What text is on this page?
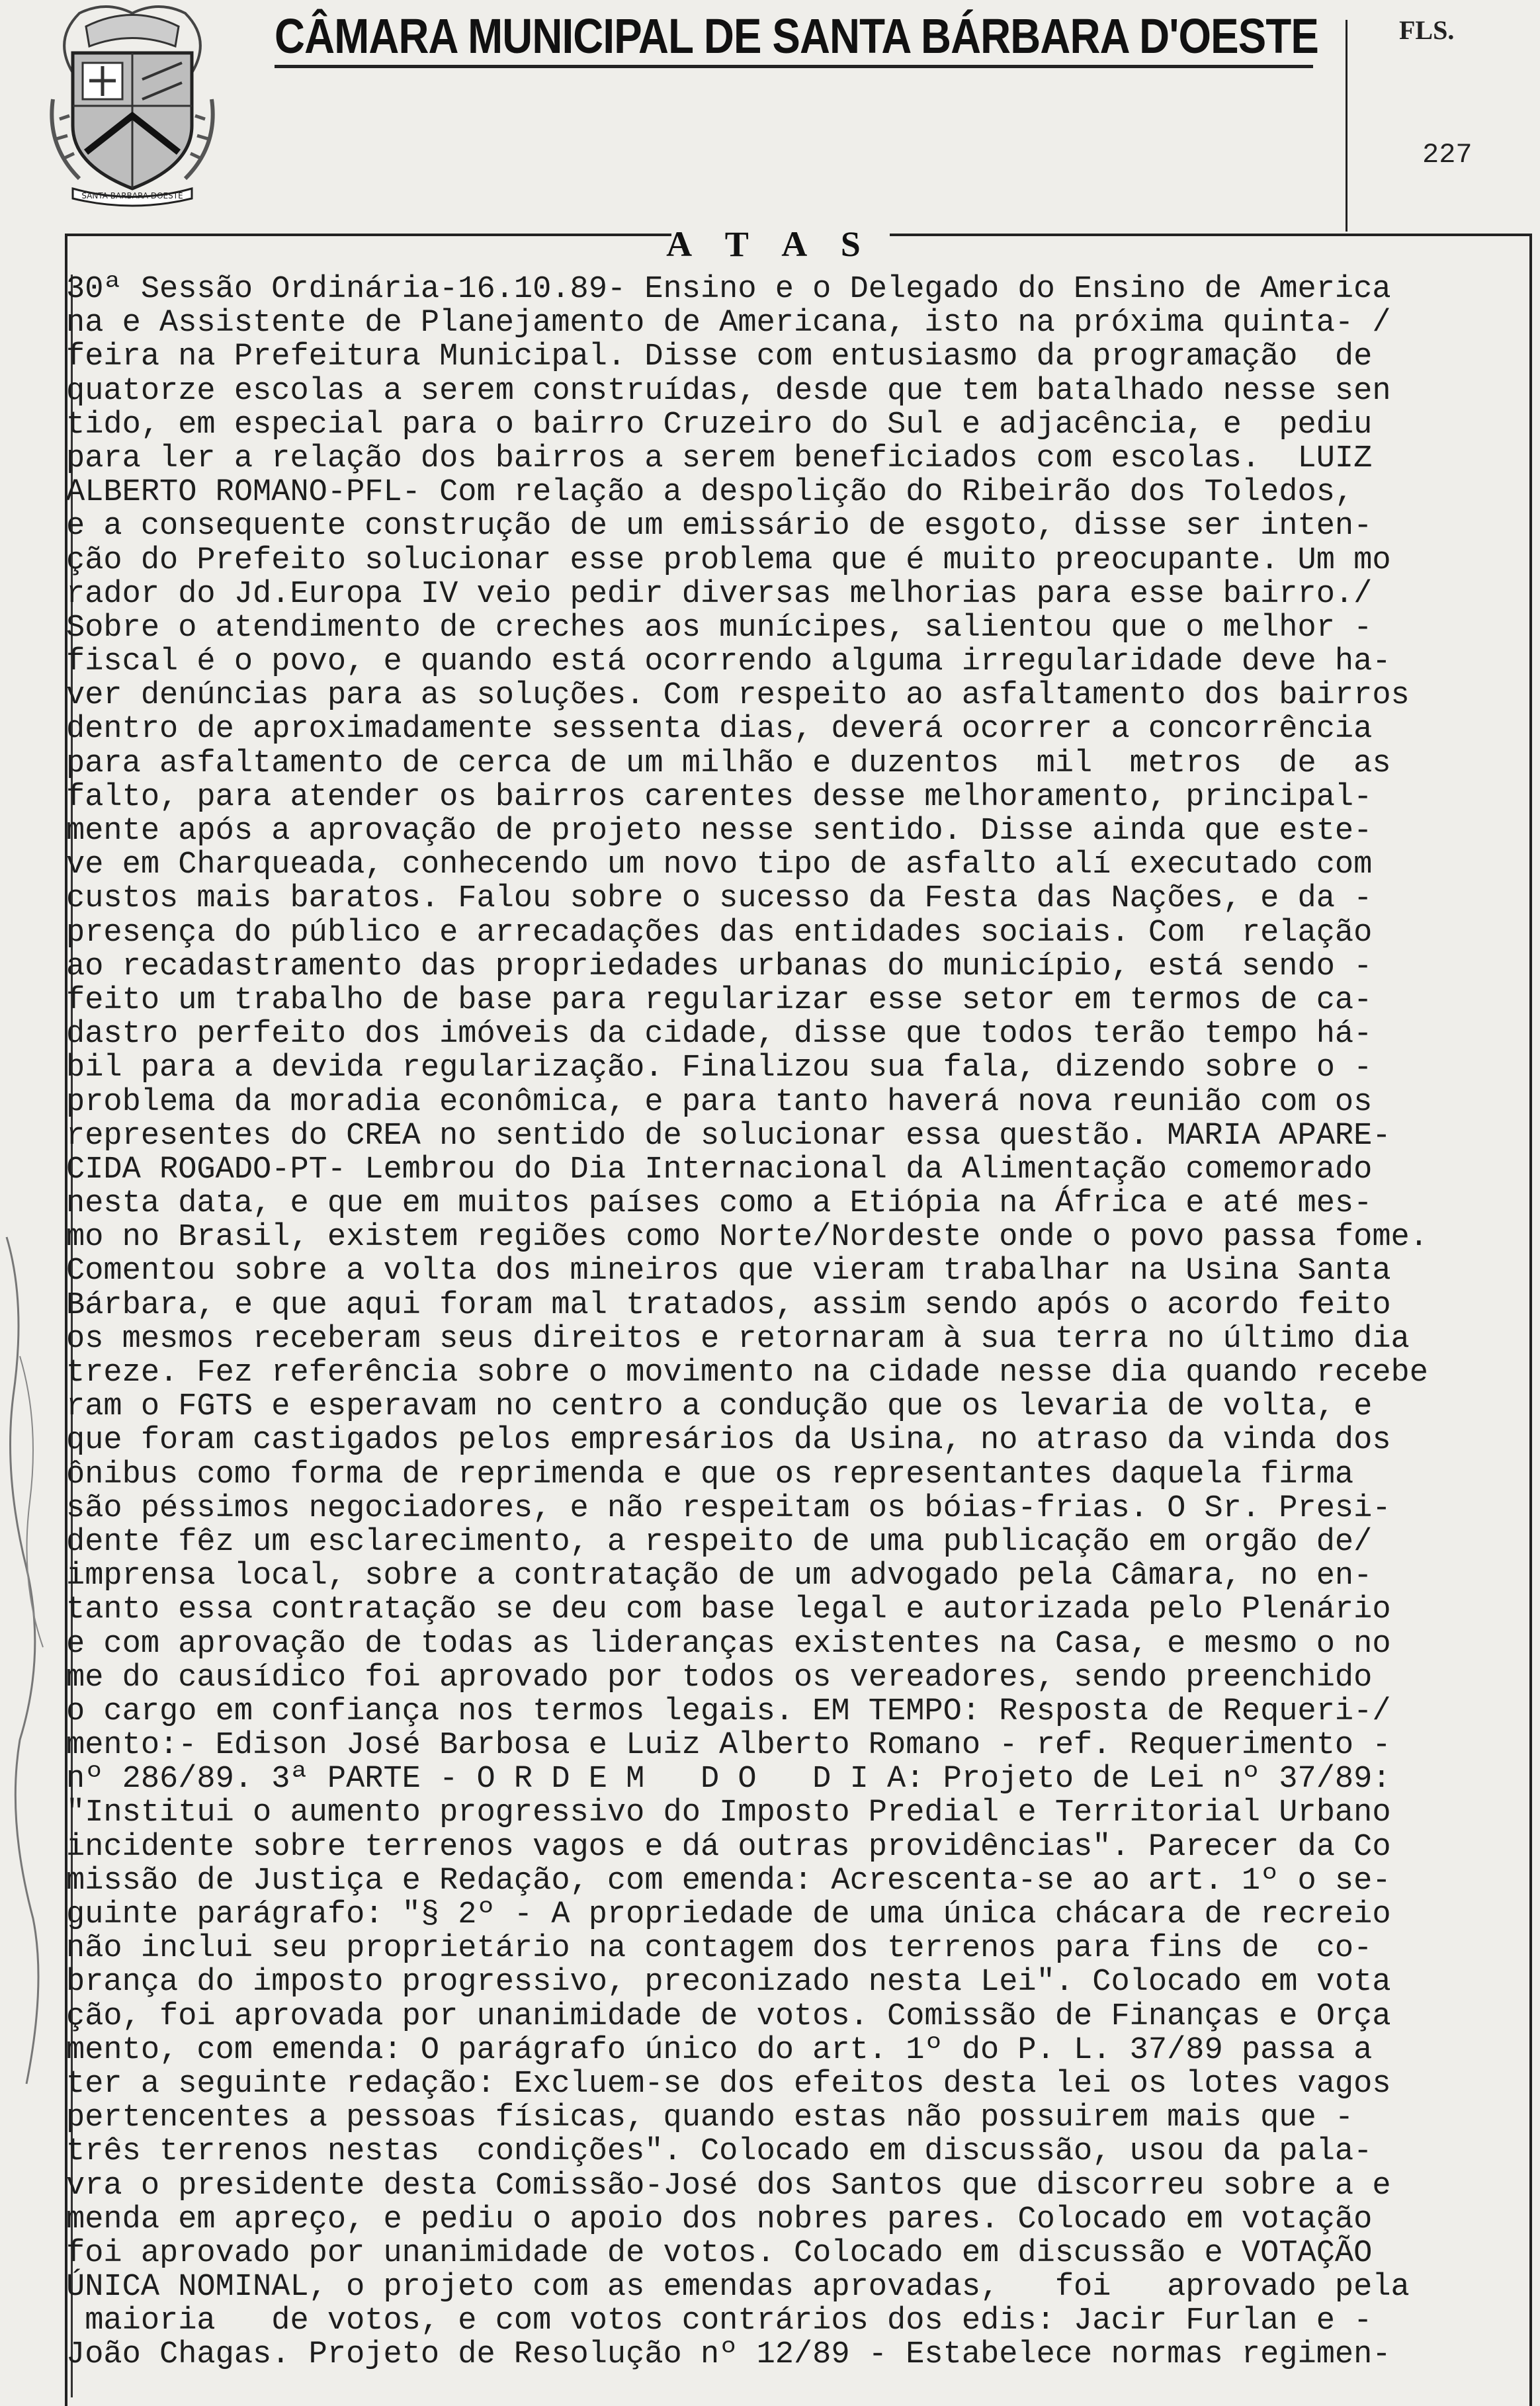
SANTA BARBARA DOESTE
CÂMARA MUNICIPAL DE SANTA BÁRBARA D'OESTE	FLS.
227
A T A S
30ª Sessão Ordinária-16.10.89- Ensino e o Delegado do Ensino de America
na e Assistente de Planejamento de Americana, isto na próxima quinta- /
feira na Prefeitura Municipal. Disse com entusiasmo da programação  de
quatorze escolas a serem construídas, desde que tem batalhado nesse sen
tido, em especial para o bairro Cruzeiro do Sul e adjacência, e  pediu
para ler a relação dos bairros a serem beneficiados com escolas.  LUIZ
ALBERTO ROMANO-PFL- Com relação a despolição do Ribeirão dos Toledos,
e a consequente construção de um emissário de esgoto, disse ser inten-
ção do Prefeito solucionar esse problema que é muito preocupante. Um mo
rador do Jd.Europa IV veio pedir diversas melhorias para esse bairro./
Sobre o atendimento de creches aos munícipes, salientou que o melhor -
fiscal é o povo, e quando está ocorrendo alguma irregularidade deve ha-
ver denúncias para as soluções. Com respeito ao asfaltamento dos bairros
dentro de aproximadamente sessenta dias, deverá ocorrer a concorrência
para asfaltamento de cerca de um milhão e duzentos  mil  metros  de  as
falto, para atender os bairros carentes desse melhoramento, principal-
mente após a aprovação de projeto nesse sentido. Disse ainda que este-
ve em Charqueada, conhecendo um novo tipo de asfalto alí executado com
custos mais baratos. Falou sobre o sucesso da Festa das Nações, e da -
presença do público e arrecadações das entidades sociais. Com  relação
ao recadastramento das propriedades urbanas do município, está sendo -
feito um trabalho de base para regularizar esse setor em termos de ca-
dastro perfeito dos imóveis da cidade, disse que todos terão tempo há-
bil para a devida regularização. Finalizou sua fala, dizendo sobre o -
problema da moradia econômica, e para tanto haverá nova reunião com os
representes do CREA no sentido de solucionar essa questão. MARIA APARE-
CIDA ROGADO-PT- Lembrou do Dia Internacional da Alimentação comemorado
nesta data, e que em muitos países como a Etiópia na África e até mes-
mo no Brasil, existem regiões como Norte/Nordeste onde o povo passa fome.
Comentou sobre a volta dos mineiros que vieram trabalhar na Usina Santa
Bárbara, e que aqui foram mal tratados, assim sendo após o acordo feito
os mesmos receberam seus direitos e retornaram à sua terra no último dia
treze. Fez referência sobre o movimento na cidade nesse dia quando recebe
ram o FGTS e esperavam no centro a condução que os levaria de volta, e
que foram castigados pelos empresários da Usina, no atraso da vinda dos
ônibus como forma de reprimenda e que os representantes daquela firma
são péssimos negociadores, e não respeitam os bóias-frias. O Sr. Presi-
dente fêz um esclarecimento, a respeito de uma publicação em orgão de/
imprensa local, sobre a contratação de um advogado pela Câmara, no en-
tanto essa contratação se deu com base legal e autorizada pelo Plenário
e com aprovação de todas as lideranças existentes na Casa, e mesmo o no
me do causídico foi aprovado por todos os vereadores, sendo preenchido
o cargo em confiança nos termos legais. EM TEMPO: Resposta de Requeri-/
mento:- Edison José Barbosa e Luiz Alberto Romano - ref. Requerimento -
nº 286/89. 3ª PARTE - O R D E M   D O   D I A: Projeto de Lei nº 37/89:
"Institui o aumento progressivo do Imposto Predial e Territorial Urbano
incidente sobre terrenos vagos e dá outras providências". Parecer da Co
missão de Justiça e Redação, com emenda: Acrescenta-se ao art. 1º o se-
guinte parágrafo: "§ 2º - A propriedade de uma única chácara de recreio
não inclui seu proprietário na contagem dos terrenos para fins de  co-
brança do imposto progressivo, preconizado nesta Lei". Colocado em vota
ção, foi aprovada por unanimidade de votos. Comissão de Finanças e Orça
mento, com emenda: O parágrafo único do art. 1º do P. L. 37/89 passa a
ter a seguinte redação: Excluem-se dos efeitos desta lei os lotes vagos
pertencentes a pessoas físicas, quando estas não possuirem mais que -
três terrenos nestas  condições". Colocado em discussão, usou da pala-
vra o presidente desta Comissão-José dos Santos que discorreu sobre a e
menda em apreço, e pediu o apoio dos nobres pares. Colocado em votação
foi aprovado por unanimidade de votos. Colocado em discussão e VOTAÇÃO
ÚNICA NOMINAL, o projeto com as emendas aprovadas,   foi   aprovado pela
maioria   de votos, e com votos contrários dos edis: Jacir Furlan e -
João Chagas. Projeto de Resolução nº 12/89 - Estabelece normas regimen-
